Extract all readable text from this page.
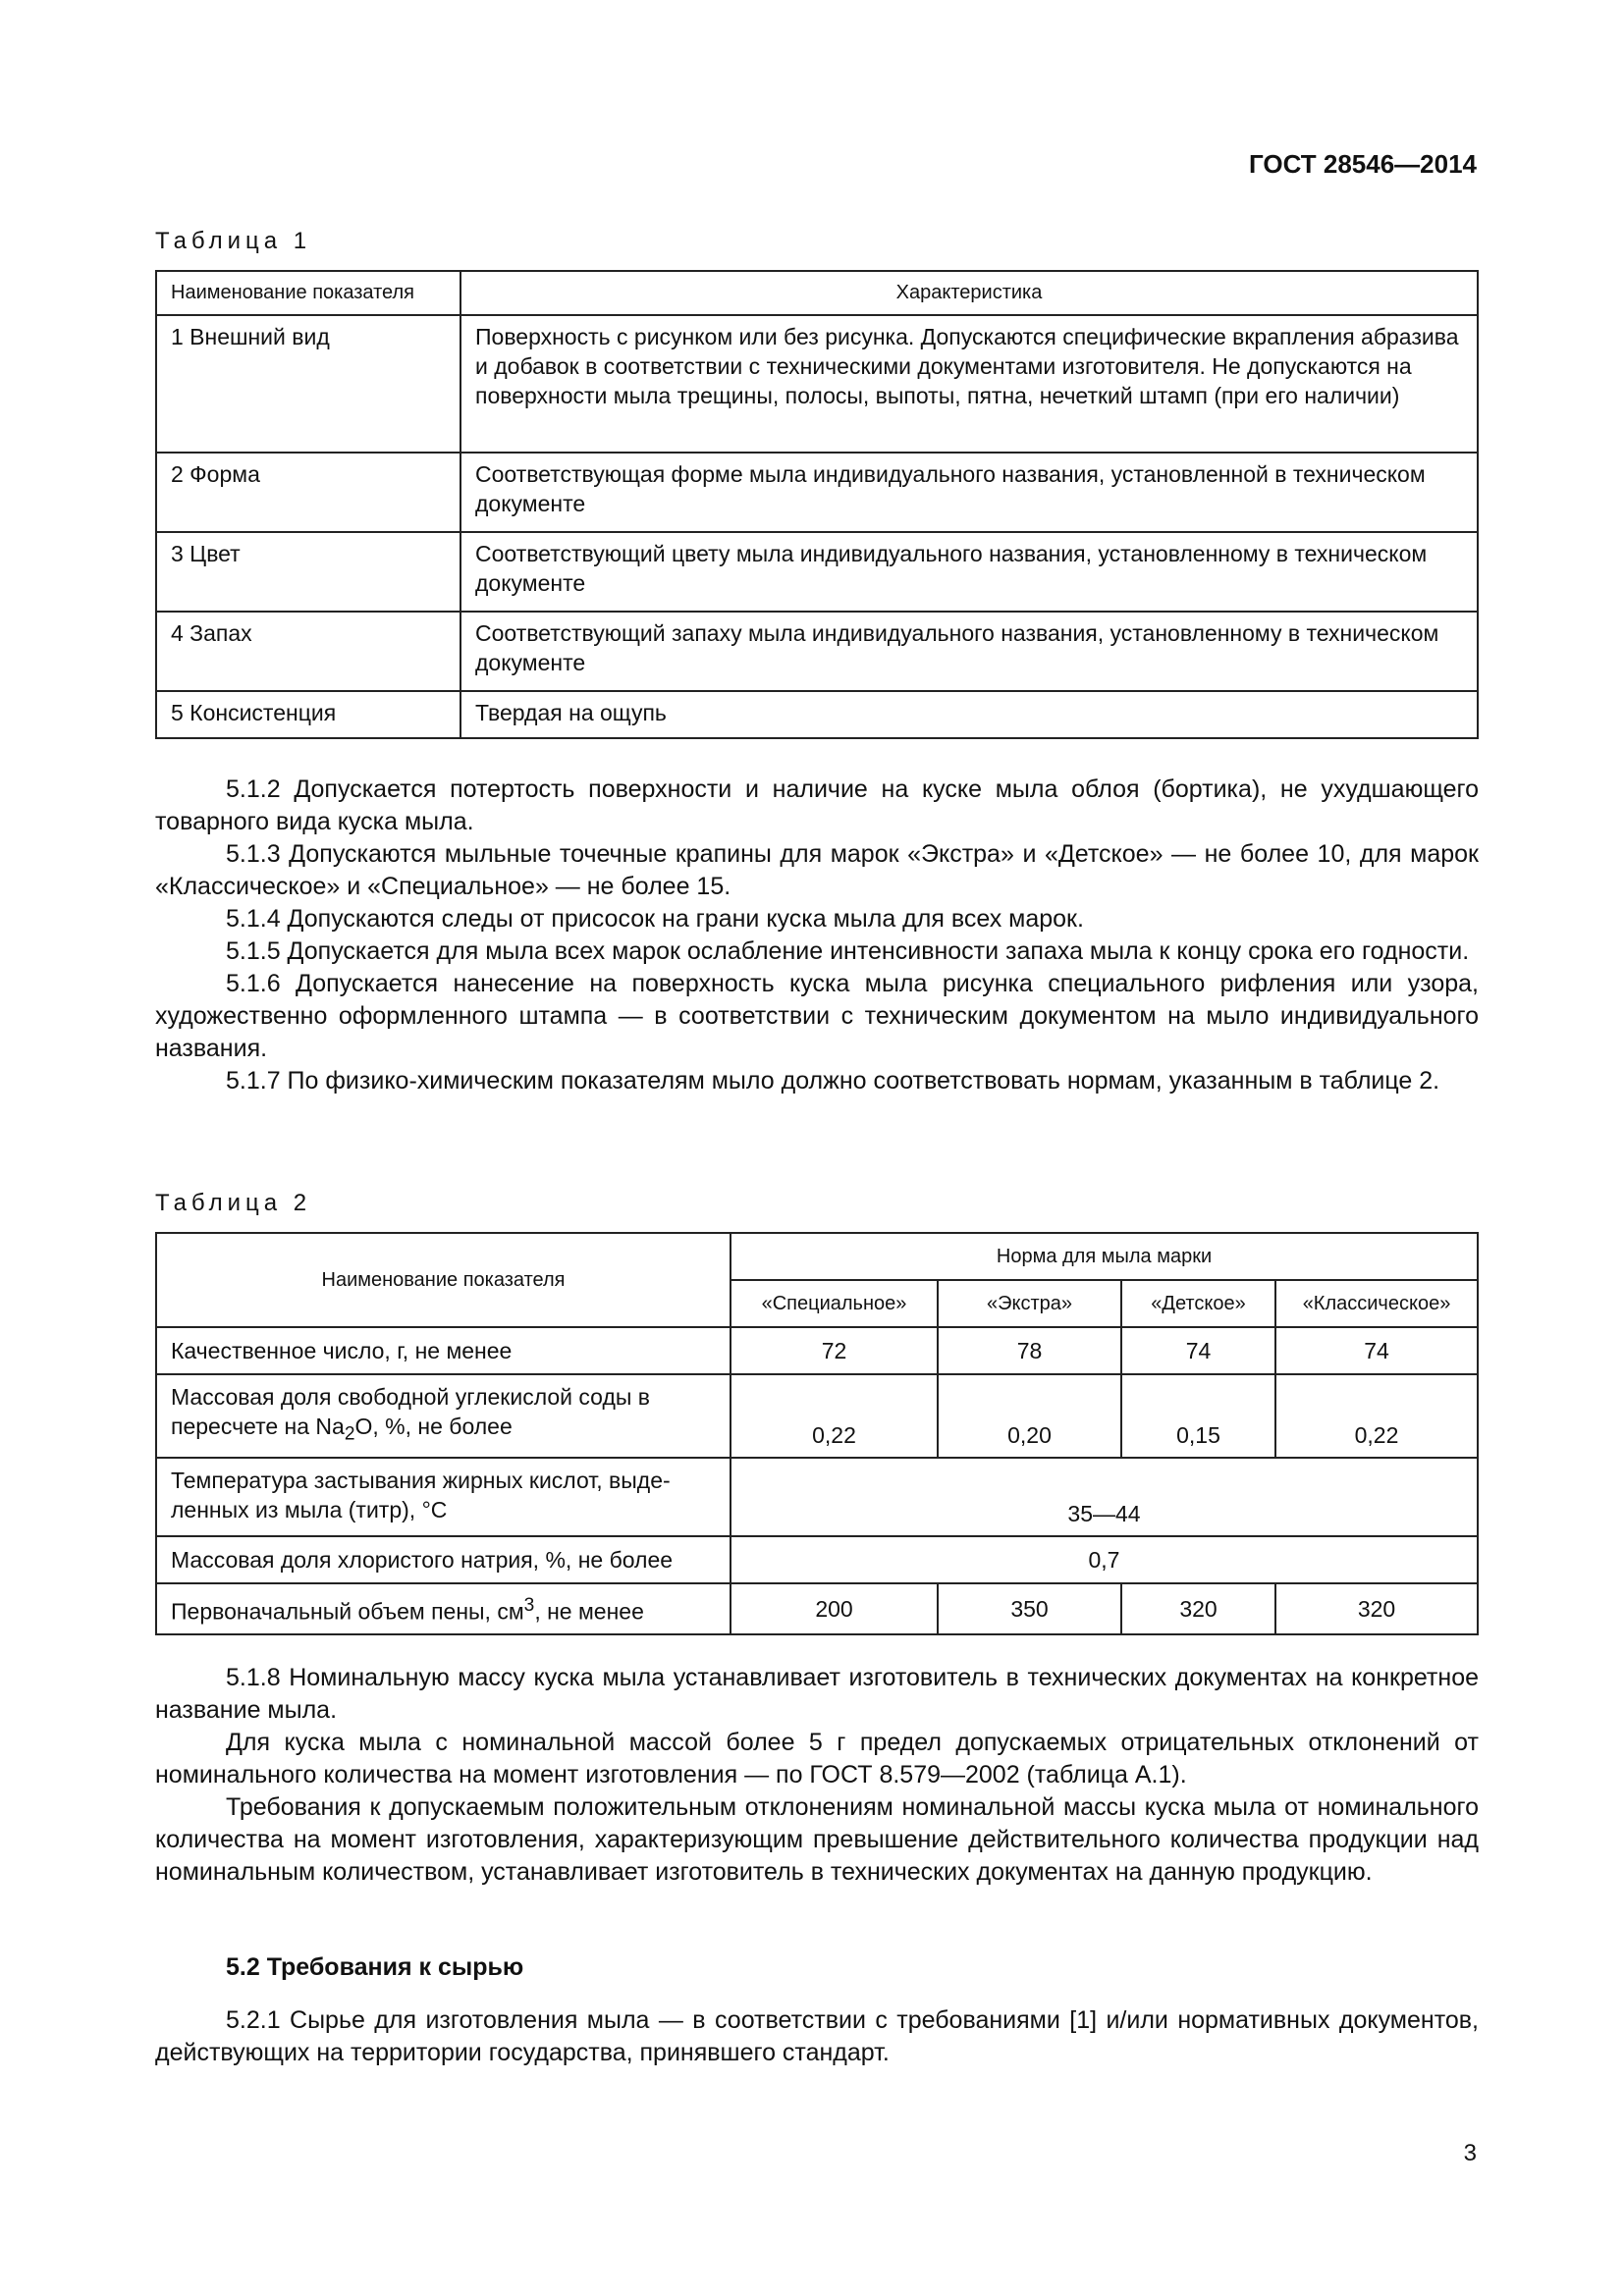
ГОСТ 28546—2014
Таблица 1
Наименование показателя	Характеристика
1 Внешний вид	Поверхность с рисунком или без рисунка. Допускаются специфические вкрапления абразива и добавок в соответствии с техническими документами изготовителя. Не допускаются на поверхности мыла трещины, полосы, выпоты, пятна, нечеткий штамп (при его наличии)
2 Форма	Соответствующая форме мыла индивидуального названия, установленной в техническом документе
3 Цвет	Соответствующий цвету мыла индивидуального названия, установленному в техническом документе
4 Запах	Соответствующий запаху мыла индивидуального названия, установленному в техническом документе
5 Консистенция	Твердая на ощупь

5.1.2 Допускается потертость поверхности и наличие на куске мыла облоя (бортика), не ухудшающего товарного вида куска мыла.

5.1.3 Допускаются мыльные точечные крапины для марок «Экстра» и «Детское» — не более 10, для марок «Классическое» и «Специальное» — не более 15.

5.1.4 Допускаются следы от присосок на грани куска мыла для всех марок.

5.1.5 Допускается для мыла всех марок ослабление интенсивности запаха мыла к концу срока его годности.

5.1.6 Допускается нанесение на поверхность куска мыла рисунка специального рифления или узора, художественно оформленного штампа — в соответствии с техническим документом на мыло индивидуального названия.

5.1.7 По физико-химическим показателям мыло должно соответствовать нормам, указанным в таблице 2.

Таблица 2
Наименование показателя	Норма для мыла марки			
	«Специальное»	«Экстра»	«Детское»	«Классическое»
Качественное число, г, не менее	72	78	74	74
Массовая доля свободной углекислой соды в пересчете на $Na_2O$, %, не более	0,22	0,20	0,15	0,22
Температура застывания жирных кислот, выделенных из мыла (титр), °С	35—44			
Массовая доля хлористого натрия, %, не более	0,7			
Первоначальный объем пены, $см^3$, не менее	200	350	320	320

5.1.8 Номинальную массу куска мыла устанавливает изготовитель в технических документах на конкретное название мыла.

Для куска мыла с номинальной массой более 5 г предел допускаемых отрицательных отклонений от номинального количества на момент изготовления — по ГОСТ 8.579—2002 (таблица А.1).

Требования к допускаемым положительным отклонениям номинальной массы куска мыла от номинального количества на момент изготовления, характеризующим превышение действительного количества продукции над номинальным количеством, устанавливает изготовитель в технических документах на данную продукцию.

5.2 Требования к сырью

5.2.1 Сырье для изготовления мыла — в соответствии с требованиями [1] и/или нормативных документов, действующих на территории государства, принявшего стандарт.

3
